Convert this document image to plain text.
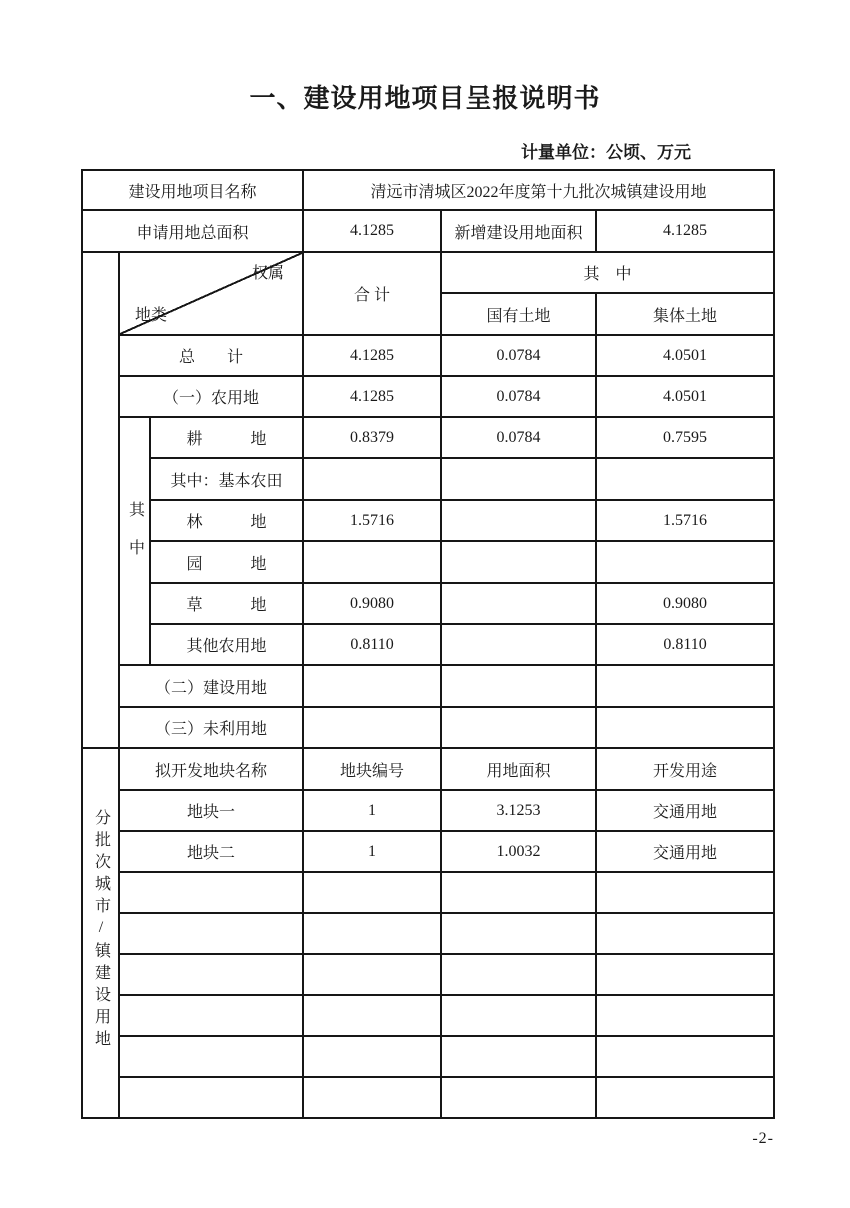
一、建设用地项目呈报说明书
计量单位：公顷、万元
建设用地项目名称			清远市清城区2022年度第十九批次城镇建设用地		
申请用地总面积			4.1285	新增建设用地面积	4.1285

	权属
地类		合 计	其　中	
				国有土地	集体土地
	总　　计		4.1285	0.0784	4.0501
	（一）农用地		4.1285	0.0784	4.0501
	其中	耕　　　地	0.8379	0.0784	0.7595
		其中：基本农田			
		林　　　地	1.5716		1.5716
		园　　　地			
		草　　　地	0.9080		0.9080
		其他农用地	0.8110		0.8110
	（二）建设用地				
	（三）未利用地				
分批次城市/镇建设用地	拟开发地块名称		地块编号	用地面积	开发用途
	地块一		1	3.1253	交通用地
	地块二		1	1.0032	交通用地

-2-
